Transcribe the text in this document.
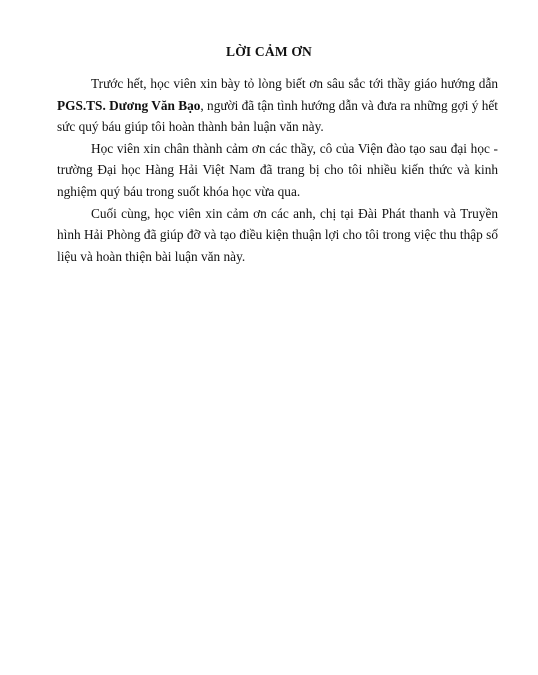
LỜI CẢM ƠN

Trước hết, học viên xin bày tỏ lòng biết ơn sâu sắc tới thầy giáo hướng dẫn PGS.TS. Dương Văn Bạo, người đã tận tình hướng dẫn và đưa ra những gợi ý hết sức quý báu giúp tôi hoàn thành bản luận văn này.

Học viên xin chân thành cảm ơn các thầy, cô của Viện đào tạo sau đại học - trường Đại học Hàng Hải Việt Nam đã trang bị cho tôi nhiều kiến thức và kinh nghiệm quý báu trong suốt khóa học vừa qua.

Cuối cùng, học viên xin cảm ơn các anh, chị tại Đài Phát thanh và Truyền hình Hải Phòng đã giúp đỡ và tạo điều kiện thuận lợi cho tôi trong việc thu thập số liệu và hoàn thiện bài luận văn này.
